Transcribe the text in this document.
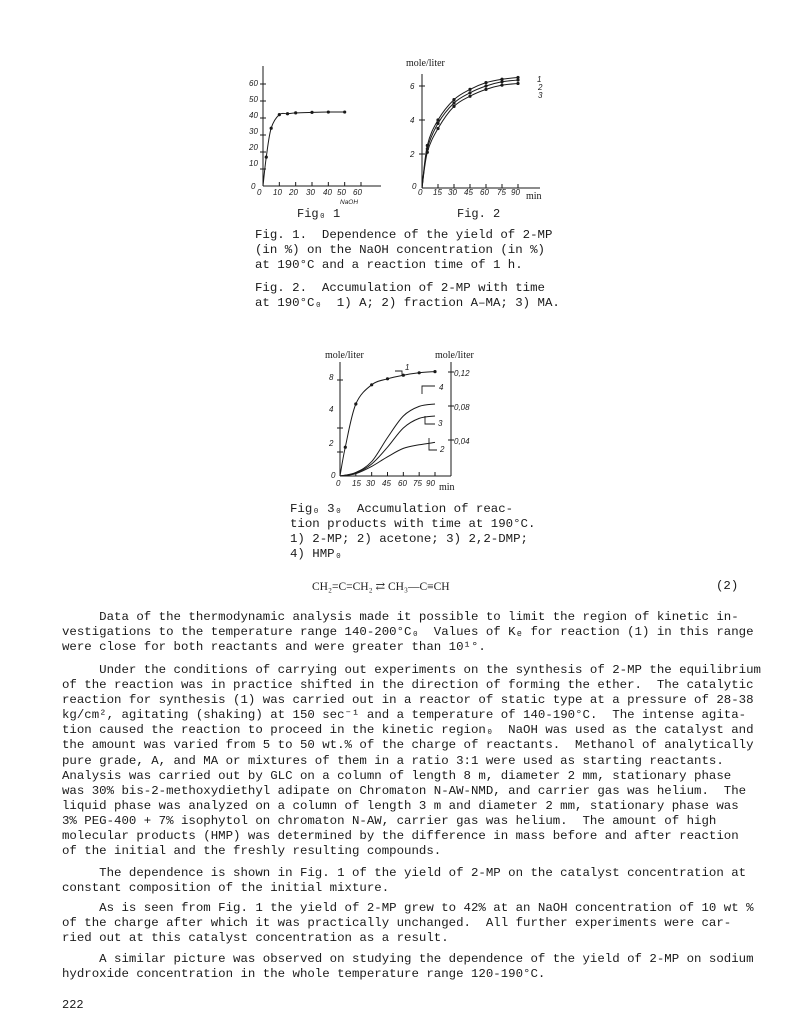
60
50
40
30
20
10
0
0 10 20 30 40 50 60
NaOH
mole/liter
6
4
2
0
0 15 30 45 60 75 90 min
1
2
3
Fig₀ 1	Fig. 2
Fig. 1.  Dependence of the yield of 2-MP
(in %) on the NaOH concentration (in %)
at 190°C and a reaction time of 1 h.
Fig. 2.  Accumulation of 2-MP with time
at 190°C₀  1) A; 2) fraction A–MA; 3) MA.
mole/liter	mole/liter
8
4
2
0
0,12
0,08
0,04
0 15 30 45 60 75 90 min
1
2
3
4
Fig₀ 3₀  Accumulation of reac-
tion products with time at 190°C.
1) 2-MP; 2) acetone; 3) 2,2-DMP;
4) HMP₀
CH₂=C=CH₂ ⇄ CH₃—C≡CH	(2)
Data of the thermodynamic analysis made it possible to limit the region of kinetic in-
vestigations to the temperature range 140-200°C₀  Values of Kₑ for reaction (1) in this range
were close for both reactants and were greater than 10¹°.
Under the conditions of carrying out experiments on the synthesis of 2-MP the equilibrium
of the reaction was in practice shifted in the direction of forming the ether.  The catalytic
reaction for synthesis (1) was carried out in a reactor of static type at a pressure of 28-38
kg/cm², agitating (shaking) at 150 sec⁻¹ and a temperature of 140-190°C.  The intense agita-
tion caused the reaction to proceed in the kinetic region₀  NaOH was used as the catalyst and
the amount was varied from 5 to 50 wt.% of the charge of reactants.  Methanol of analytically
pure grade, A, and MA or mixtures of them in a ratio 3:1 were used as starting reactants.
Analysis was carried out by GLC on a column of length 8 m, diameter 2 mm, stationary phase
was 30% bis-2-methoxydiethyl adipate on Chromaton N-AW-NMD, and carrier gas was helium.  The
liquid phase was analyzed on a column of length 3 m and diameter 2 mm, stationary phase was
3% PEG-400 + 7% isophytol on chromaton N-AW, carrier gas was helium.  The amount of high
molecular products (HMP) was determined by the difference in mass before and after reaction
of the initial and the freshly resulting compounds.
The dependence is shown in Fig. 1 of the yield of 2-MP on the catalyst concentration at
constant composition of the initial mixture.
As is seen from Fig. 1 the yield of 2-MP grew to 42% at an NaOH concentration of 10 wt %
of the charge after which it was practically unchanged.  All further experiments were car-
ried out at this catalyst concentration as a result.
A similar picture was observed on studying the dependence of the yield of 2-MP on sodium
hydroxide concentration in the whole temperature range 120-190°C.
222
